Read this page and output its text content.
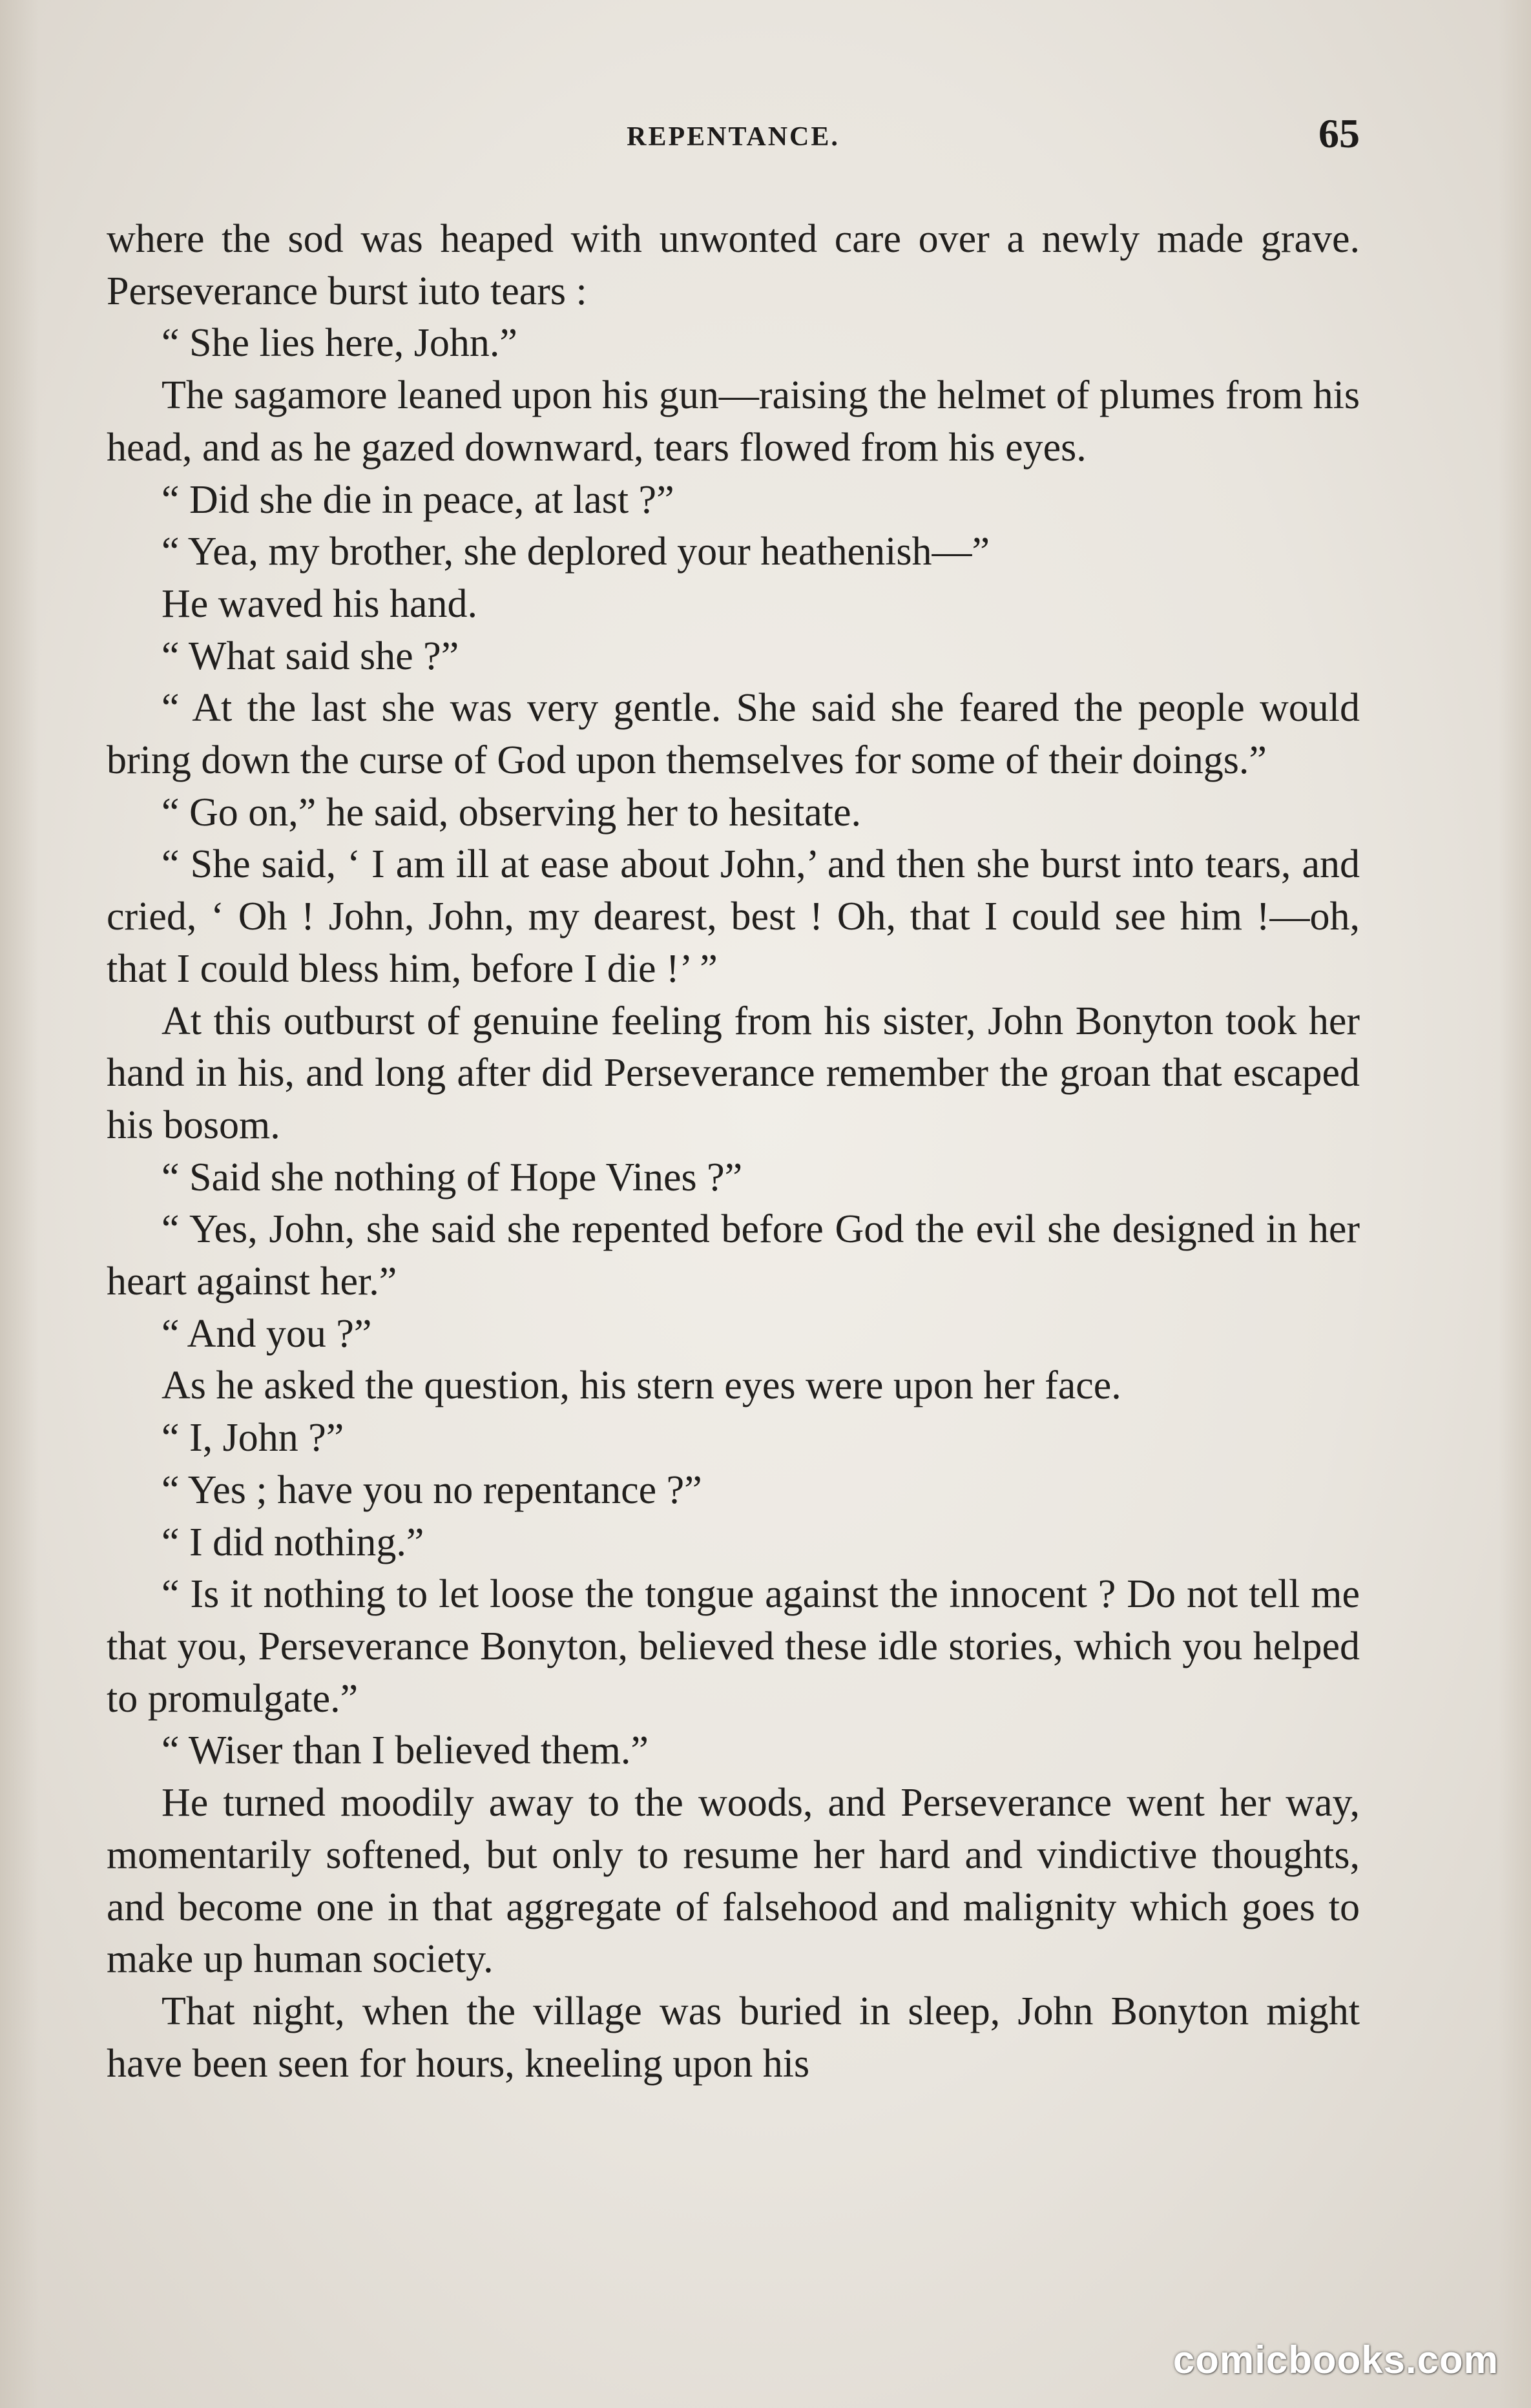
REPENTANCE.	65

where the sod was heaped with unwonted care over a newly made grave. Perseverance burst iuto tears :

“ She lies here, John.”

The sagamore leaned upon his gun—raising the helmet of plumes from his head, and as he gazed downward, tears flowed from his eyes.

“ Did she die in peace, at last ?”

“ Yea, my brother, she deplored your heathenish—”

He waved his hand.

“ What said she ?”

“ At the last she was very gentle. She said she feared the people would bring down the curse of God upon themselves for some of their doings.”

“ Go on,” he said, observing her to hesitate.

“ She said, ‘ I am ill at ease about John,’ and then she burst into tears, and cried, ‘ Oh ! John, John, my dearest, best ! Oh, that I could see him !—oh, that I could bless him, before I die !’ ”

At this outburst of genuine feeling from his sister, John Bonyton took her hand in his, and long after did Perseverance remember the groan that escaped his bosom.

“ Said she nothing of Hope Vines ?”

“ Yes, John, she said she repented before God the evil she designed in her heart against her.”

“ And you ?”

As he asked the question, his stern eyes were upon her face.

“ I, John ?”

“ Yes ; have you no repentance ?”

“ I did nothing.”

“ Is it nothing to let loose the tongue against the innocent ? Do not tell me that you, Perseverance Bonyton, believed these idle stories, which you helped to promulgate.”

“ Wiser than I believed them.”

He turned moodily away to the woods, and Perseverance went her way, momentarily softened, but only to resume her hard and vindictive thoughts, and become one in that aggregate of falsehood and malignity which goes to make up human society.

That night, when the village was buried in sleep, John Bonyton might have been seen for hours, kneeling upon his

comicbooks.com
